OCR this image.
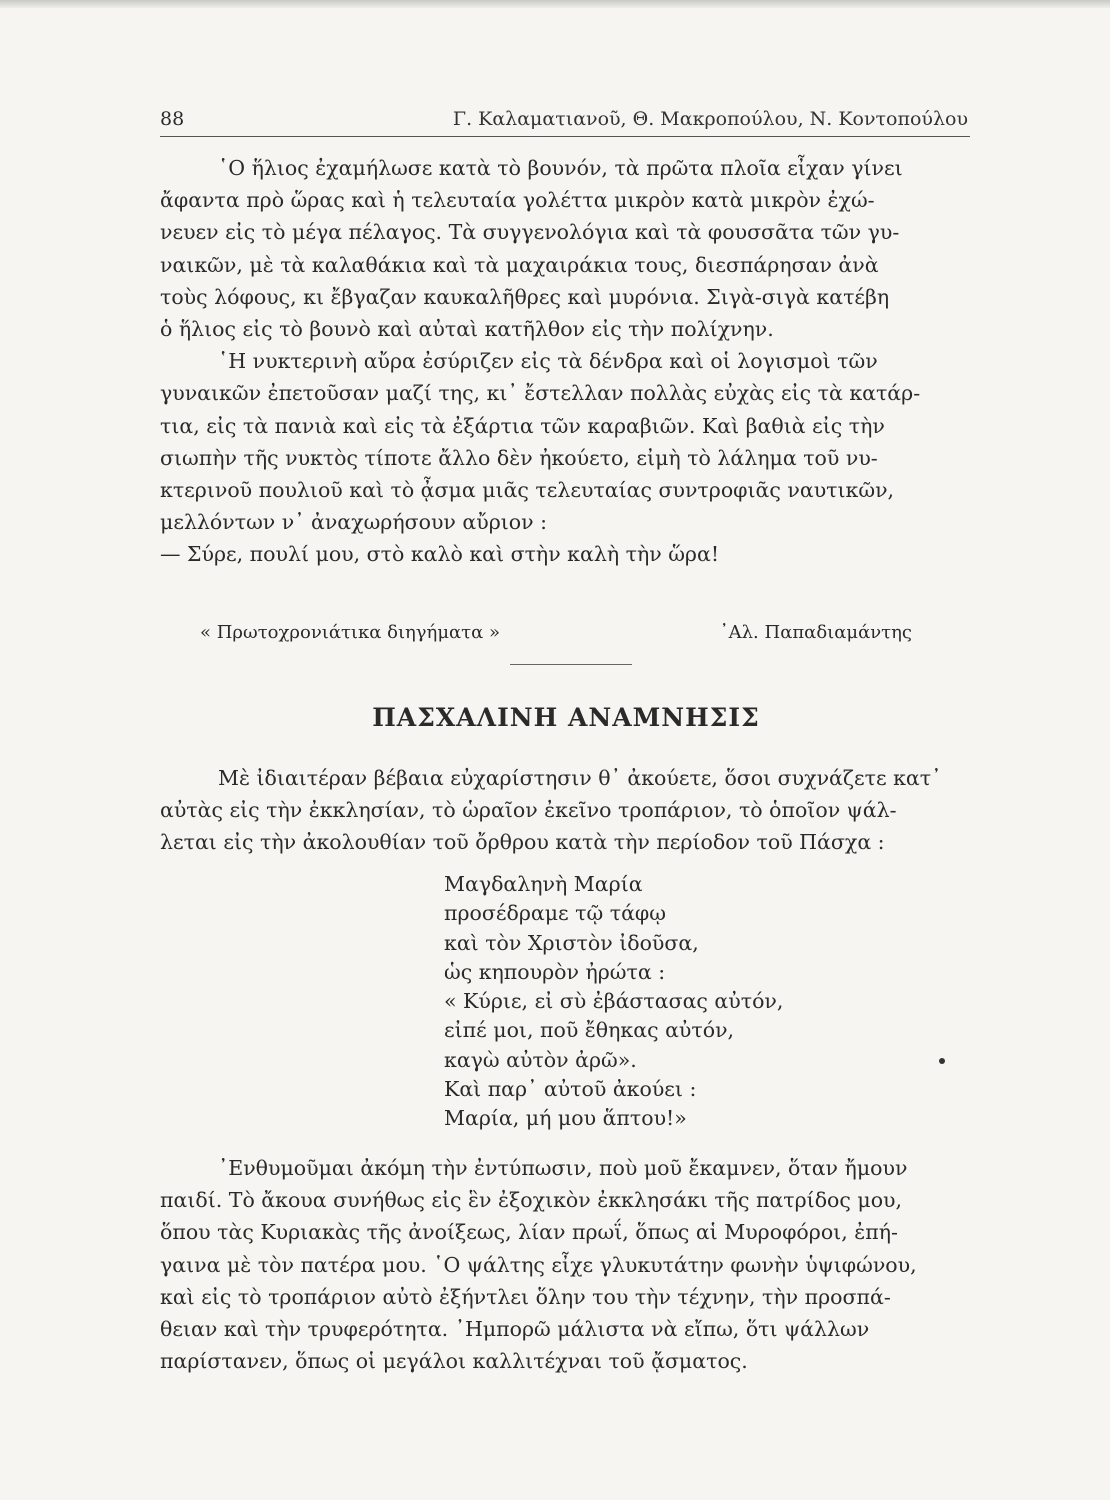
88	Γ. Καλαματιανοῦ, Θ. Μακροπούλου, Ν. Κοντοπούλου

῾Ο ἥλιος ἐχαμήλωσε κατὰ τὸ βουνόν, τὰ πρῶτα πλοῖα εἶχαν γίνει

ἄφαντα πρὸ ὥρας καὶ ἡ τελευταία γολέττα μικρὸν κατὰ μικρὸν ἐχώ-

νευεν εἰς τὸ μέγα πέλαγος. Τὰ συγγενολόγια καὶ τὰ φουσσᾶτα τῶν γυ-

ναικῶν, μὲ τὰ καλαθάκια καὶ τὰ μαχαιράκια τους, διεσπάρησαν ἀνὰ

τοὺς λόφους, κι ἔβγαζαν καυκαλῆθρες καὶ μυρόνια. Σιγὰ-σιγὰ κατέβη

ὁ ἥλιος εἰς τὸ βουνὸ καὶ αὐταὶ κατῆλθον εἰς τὴν πολίχνην.

῾Η νυκτερινὴ αὔρα ἐσύριζεν εἰς τὰ δένδρα καὶ οἱ λογισμοὶ τῶν

γυναικῶν ἐπετοῦσαν μαζί της, κι᾿ ἔστελλαν πολλὰς εὐχὰς εἰς τὰ κατάρ-

τια, εἰς τὰ πανιὰ καὶ εἰς τὰ ἐξάρτια τῶν καραβιῶν. Καὶ βαθιὰ εἰς τὴν

σιωπὴν τῆς νυκτὸς τίποτε ἄλλο δὲν ἠκούετο, εἰμὴ τὸ λάλημα τοῦ νυ-

κτερινοῦ πουλιοῦ καὶ τὸ ᾆσμα μιᾶς τελευταίας συντροφιᾶς ναυτικῶν,

μελλόντων ν᾿ ἀναχωρήσουν αὔριον :

— Σύρε, πουλί μου, στὸ καλὸ καὶ στὴν καλὴ τὴν ὥρα!

« Πρωτοχρονιάτικα διηγήματα »	᾿Αλ. Παπαδιαμάντης
ΠΑΣΧΑΛΙΝΗ ΑΝΑΜΝΗΣΙΣ

Μὲ ἰδιαιτέραν βέβαια εὐχαρίστησιν θ᾿ ἀκούετε, ὅσοι συχνάζετε κατ᾿

αὐτὰς εἰς τὴν ἐκκλησίαν, τὸ ὡραῖον ἐκεῖνο τροπάριον, τὸ ὁποῖον ψάλ-

λεται εἰς τὴν ἀκολουθίαν τοῦ ὄρθρου κατὰ τὴν περίοδον τοῦ Πάσχα :

Μαγδαληνὴ Μαρία
προσέδραμε τῷ τάφῳ
καὶ τὸν Χριστὸν ἰδοῦσα,
ὡς κηπουρὸν ἠρώτα :
« Κύριε, εἰ σὺ ἐβάστασας αὐτόν,
εἰπέ μοι, ποῦ ἔθηκας αὐτόν,
καγὼ αὐτὸν ἀρῶ».
Καὶ παρ᾿ αὐτοῦ ἀκούει :
Μαρία, μή μου ἅπτου!»

᾿Ενθυμοῦμαι ἀκόμη τὴν ἐντύπωσιν, ποὺ μοῦ ἔκαμνεν, ὅταν ἤμουν

παιδί. Τὸ ἄκουα συνήθως εἰς ἓν ἐξοχικὸν ἐκκλησάκι τῆς πατρίδος μου,

ὅπου τὰς Κυριακὰς τῆς ἀνοίξεως, λίαν πρωΐ, ὅπως αἱ Μυροφόροι, ἐπή-

γαινα μὲ τὸν πατέρα μου. ῾Ο ψάλτης εἶχε γλυκυτάτην φωνὴν ὑψιφώνου,

καὶ εἰς τὸ τροπάριον αὐτὸ ἐξήντλει ὅλην του τὴν τέχνην, τὴν προσπά-

θειαν καὶ τὴν τρυφερότητα. ᾿Ημπορῶ μάλιστα νὰ εἴπω, ὅτι ψάλλων

παρίστανεν, ὅπως οἱ μεγάλοι καλλιτέχναι τοῦ ᾄσματος.
